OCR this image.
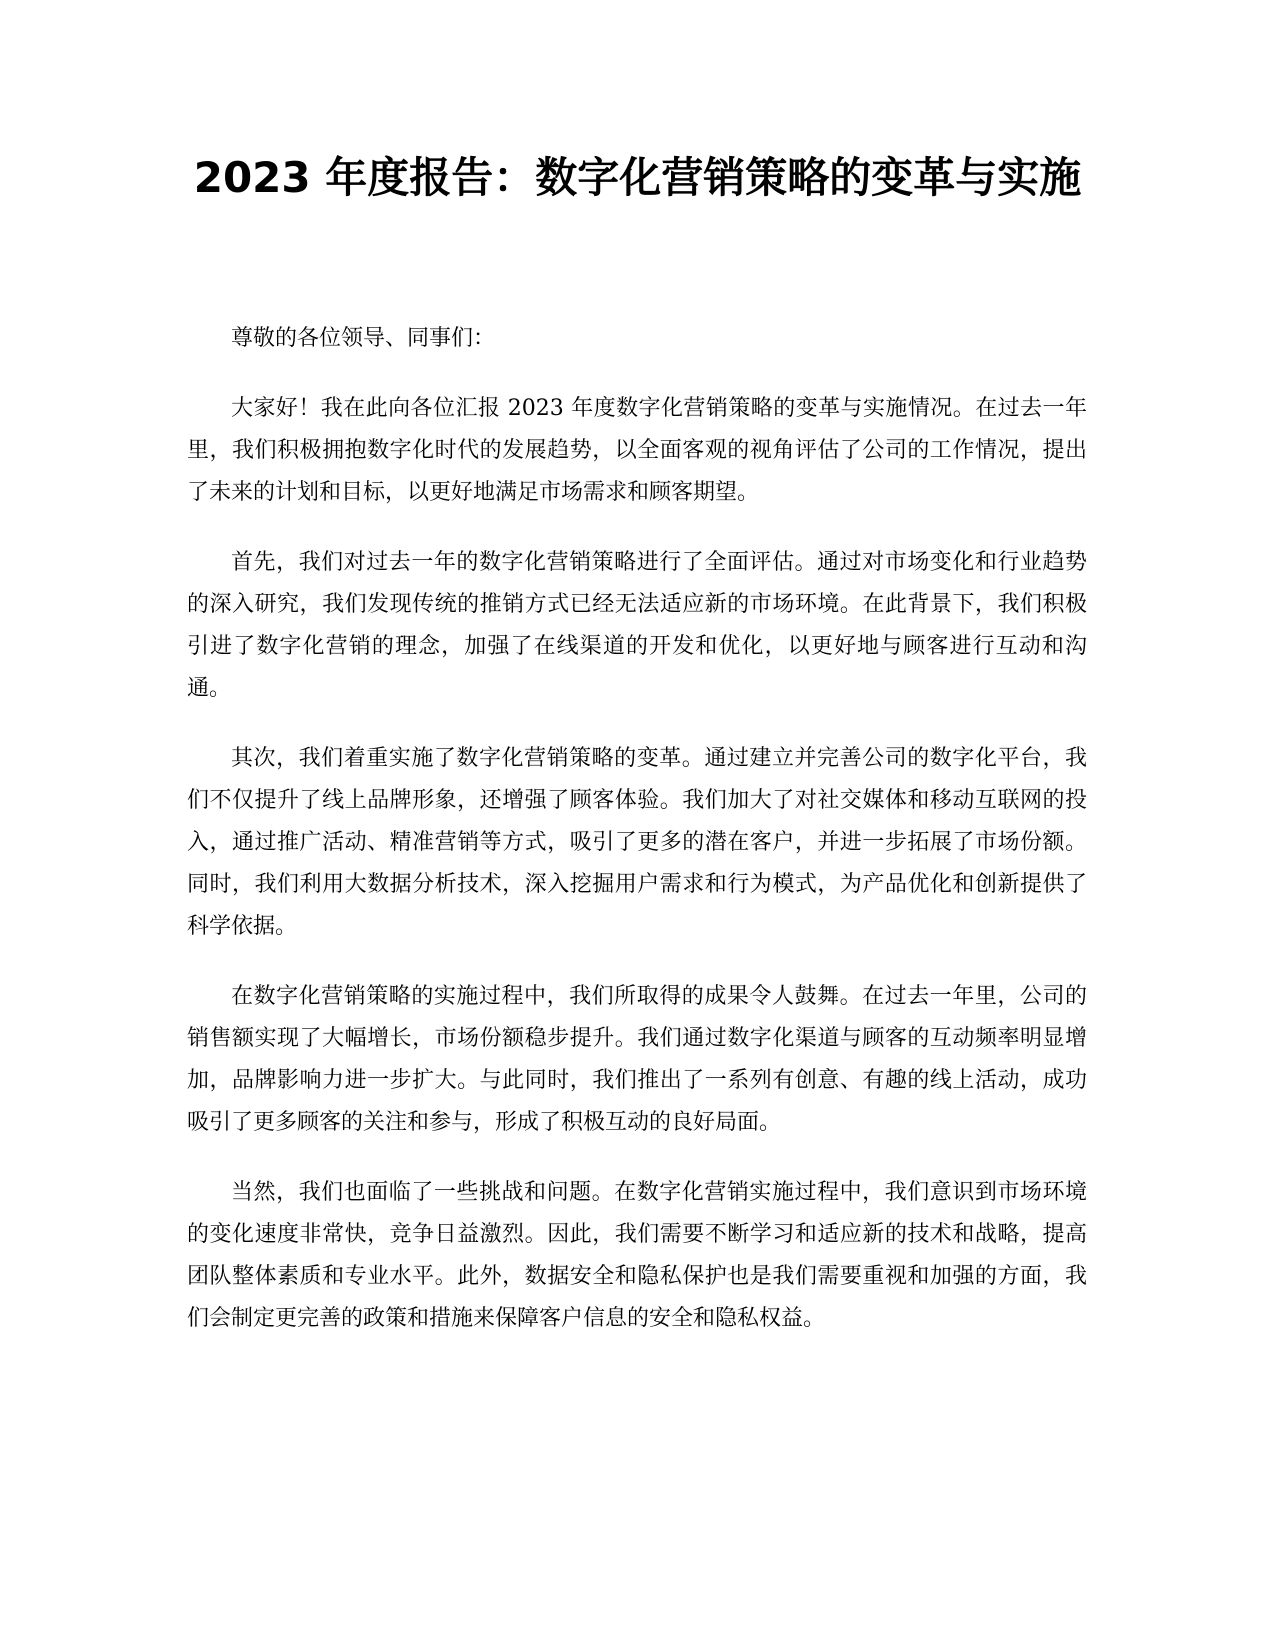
2023 年度报告：数字化营销策略的变革与实施

尊敬的各位领导、同事们：

大家好！我在此向各位汇报 2023 年度数字化营销策略的变革与实施情况。在过去一年里，我们积极拥抱数字化时代的发展趋势，以全面客观的视角评估了公司的工作情况，提出了未来的计划和目标，以更好地满足市场需求和顾客期望。

首先，我们对过去一年的数字化营销策略进行了全面评估。通过对市场变化和行业趋势的深入研究，我们发现传统的推销方式已经无法适应新的市场环境。在此背景下，我们积极引进了数字化营销的理念，加强了在线渠道的开发和优化，以更好地与顾客进行互动和沟通。

其次，我们着重实施了数字化营销策略的变革。通过建立并完善公司的数字化平台，我们不仅提升了线上品牌形象，还增强了顾客体验。我们加大了对社交媒体和移动互联网的投入，通过推广活动、精准营销等方式，吸引了更多的潜在客户，并进一步拓展了市场份额。同时，我们利用大数据分析技术，深入挖掘用户需求和行为模式，为产品优化和创新提供了科学依据。

在数字化营销策略的实施过程中，我们所取得的成果令人鼓舞。在过去一年里，公司的销售额实现了大幅增长，市场份额稳步提升。我们通过数字化渠道与顾客的互动频率明显增加，品牌影响力进一步扩大。与此同时，我们推出了一系列有创意、有趣的线上活动，成功吸引了更多顾客的关注和参与，形成了积极互动的良好局面。

当然，我们也面临了一些挑战和问题。在数字化营销实施过程中，我们意识到市场环境的变化速度非常快，竞争日益激烈。因此，我们需要不断学习和适应新的技术和战略，提高团队整体素质和专业水平。此外，数据安全和隐私保护也是我们需要重视和加强的方面，我们会制定更完善的政策和措施来保障客户信息的安全和隐私权益。
